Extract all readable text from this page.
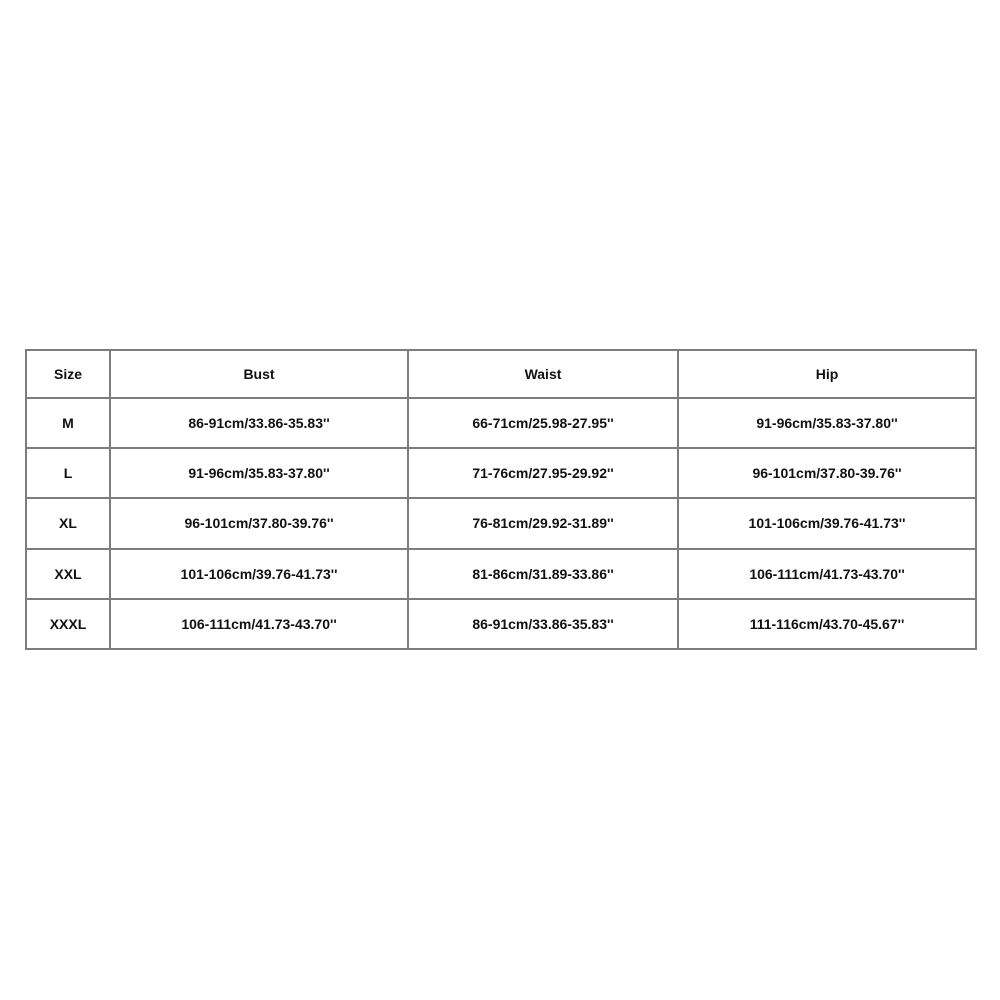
Size	Bust	Waist	Hip
M	86-91cm/33.86-35.83''	66-71cm/25.98-27.95''	91-96cm/35.83-37.80''
L	91-96cm/35.83-37.80''	71-76cm/27.95-29.92''	96-101cm/37.80-39.76''
XL	96-101cm/37.80-39.76''	76-81cm/29.92-31.89''	101-106cm/39.76-41.73''
XXL	101-106cm/39.76-41.73''	81-86cm/31.89-33.86''	106-111cm/41.73-43.70''
XXXL	106-111cm/41.73-43.70''	86-91cm/33.86-35.83''	111-116cm/43.70-45.67''
